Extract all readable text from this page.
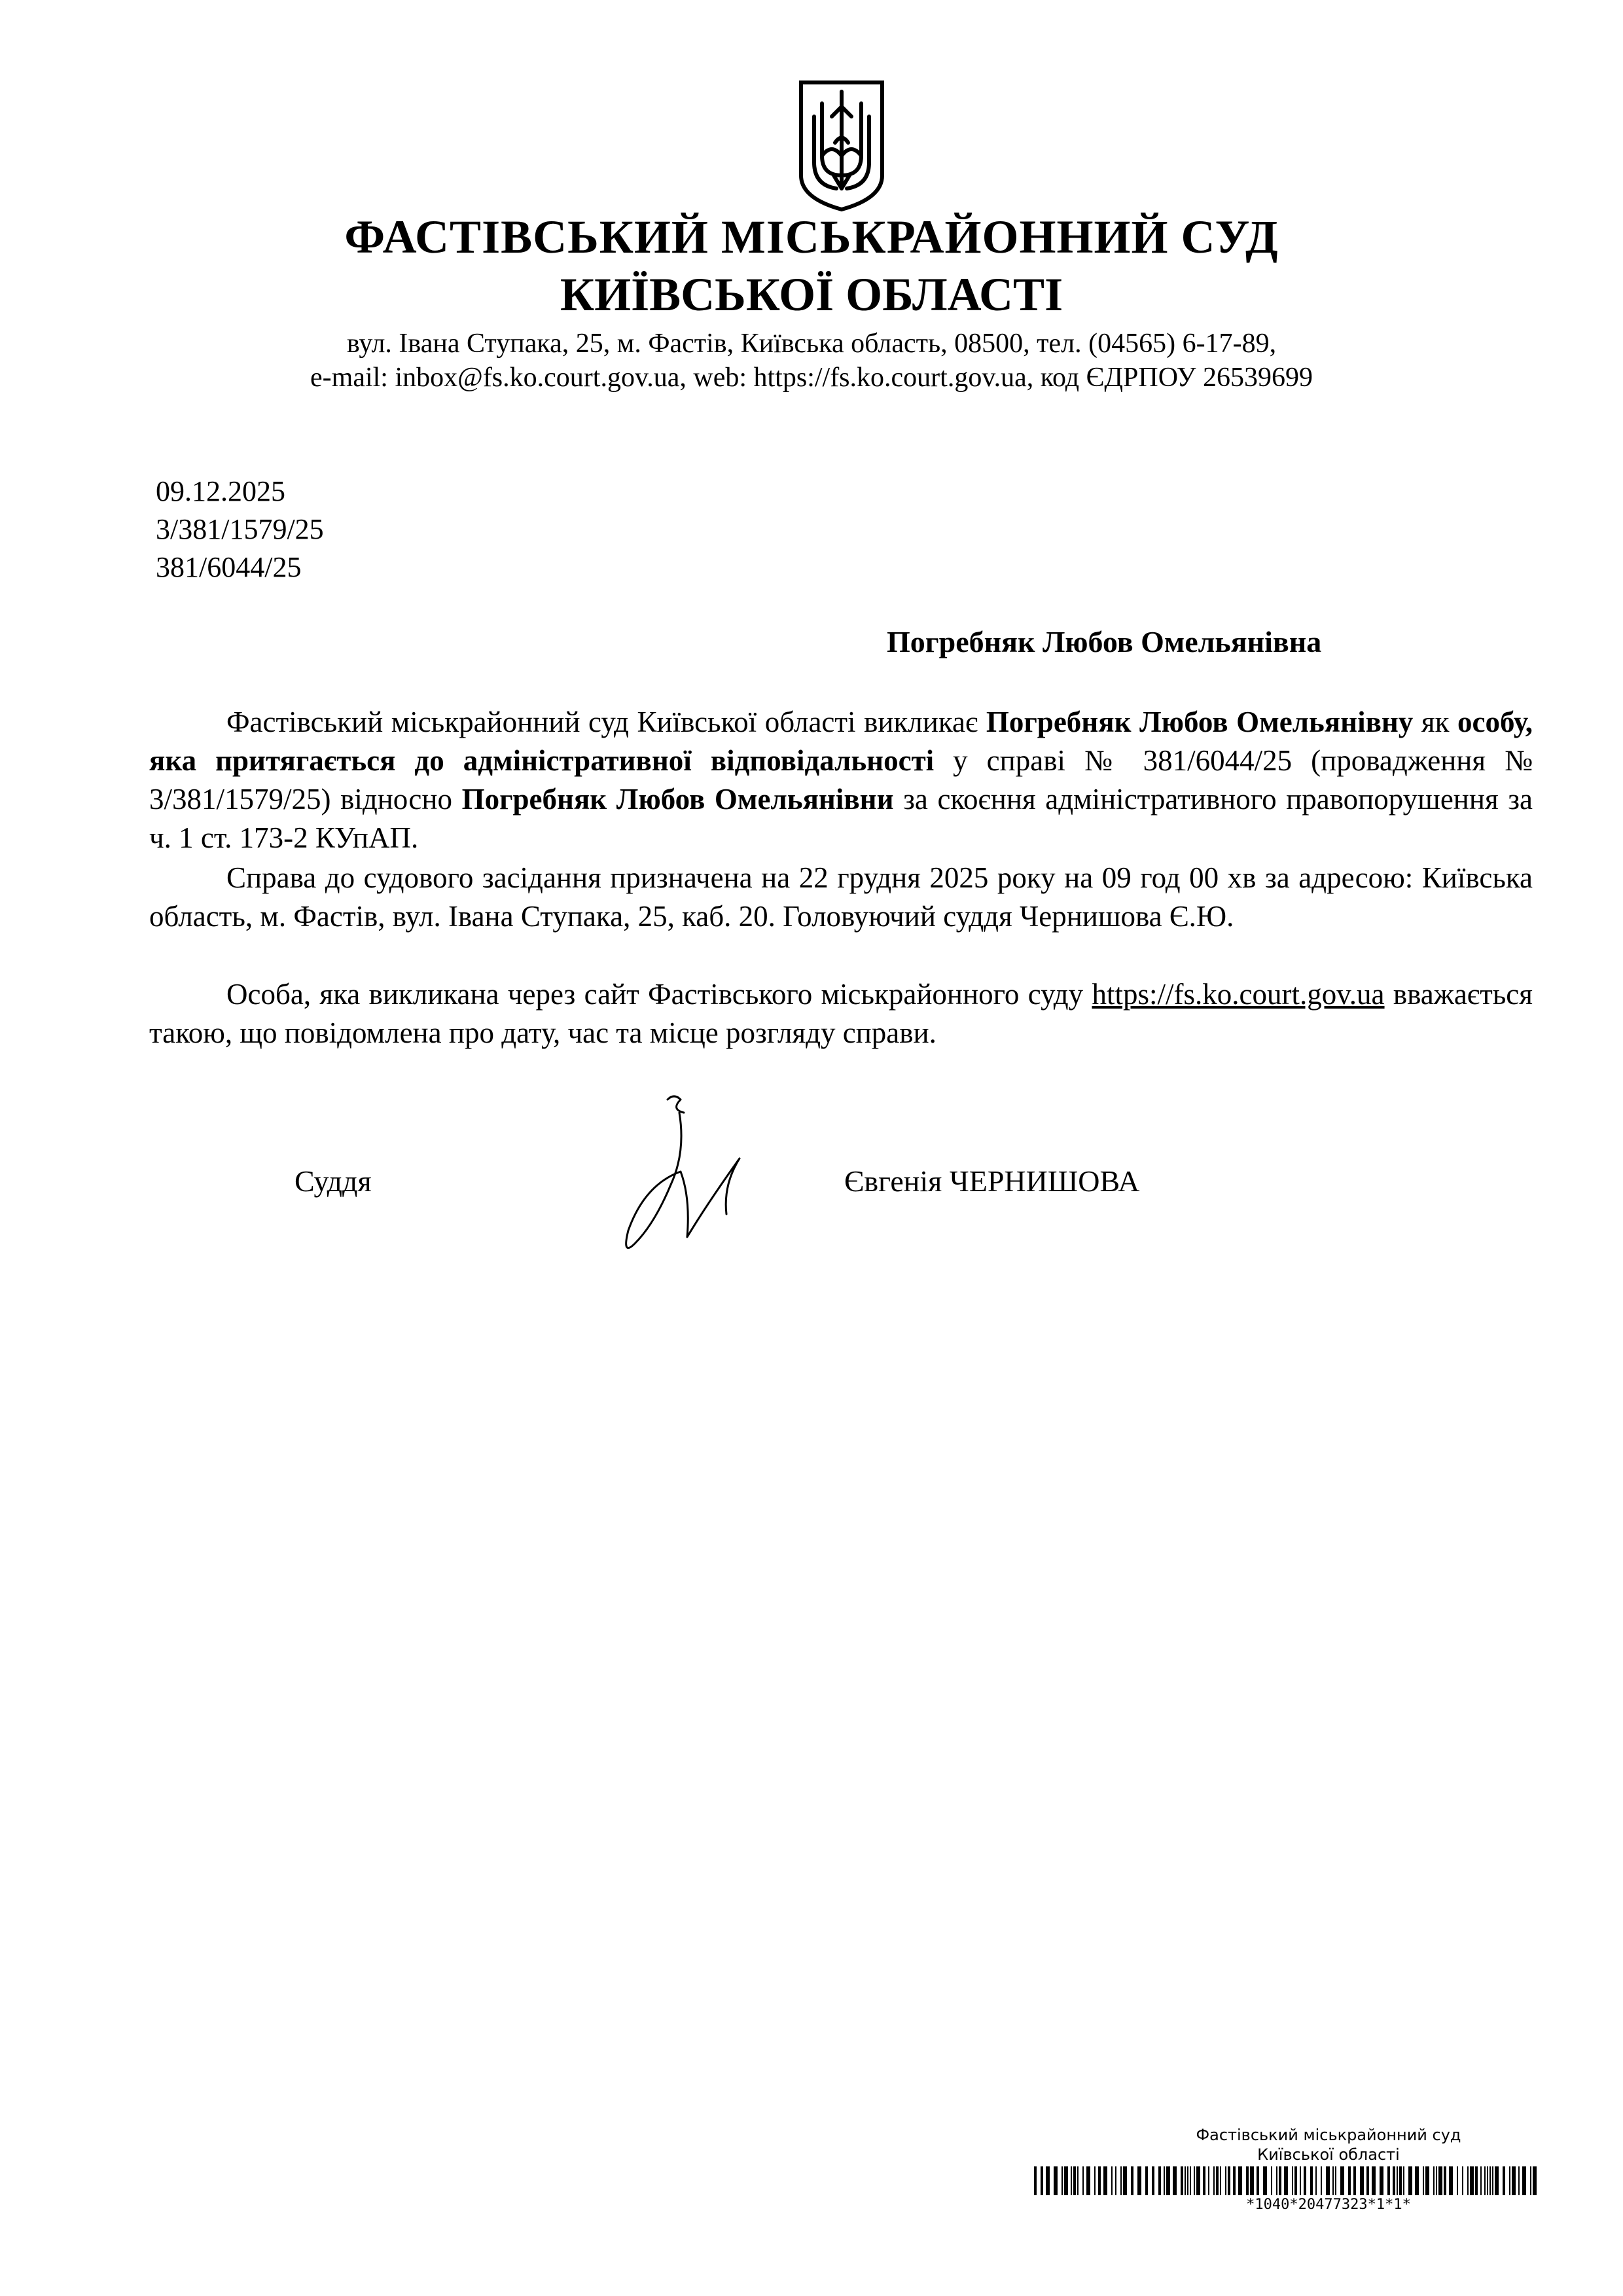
ФАСТІВСЬКИЙ МІСЬКРАЙОННИЙ СУД
КИЇВСЬКОЇ ОБЛАСТІ
вул. Івана Ступака, 25, м. Фастів, Київська область, 08500, тел. (04565) 6-17-89,
e-mail: inbox@fs.ko.court.gov.ua, web: https://fs.ko.court.gov.ua, код ЄДРПОУ 26539699
09.12.2025
3/381/1579/25
381/6044/25
Погребняк Любов Омельянівна
Фастівський міськрайонний суд Київської області викликає Погребняк Любов Омельянівну як особу, яка притягається до адміністративної відповідальності у справі № 381/6044/25 (провадження № 3/381/1579/25) відносно Погребняк Любов Омельянівни за скоєння адміністративного правопорушення за ч. 1 ст. 173-2 КУпАП.
Справа до судового засідання призначена на 22 грудня 2025 року на 09 год 00 хв за адресою: Київська область, м. Фастів, вул. Івана Ступака, 25, каб. 20. Головуючий суддя Чернишова Є.Ю.
Особа, яка викликана через сайт Фастівського міськрайонного суду https://fs.ko.court.gov.ua вважається такою, що повідомлена про дату, час та місце розгляду справи.
Суддя	Євгенія ЧЕРНИШОВА
Фастівський міськрайонний суд
Київської області
*1040*20477323*1*1*
